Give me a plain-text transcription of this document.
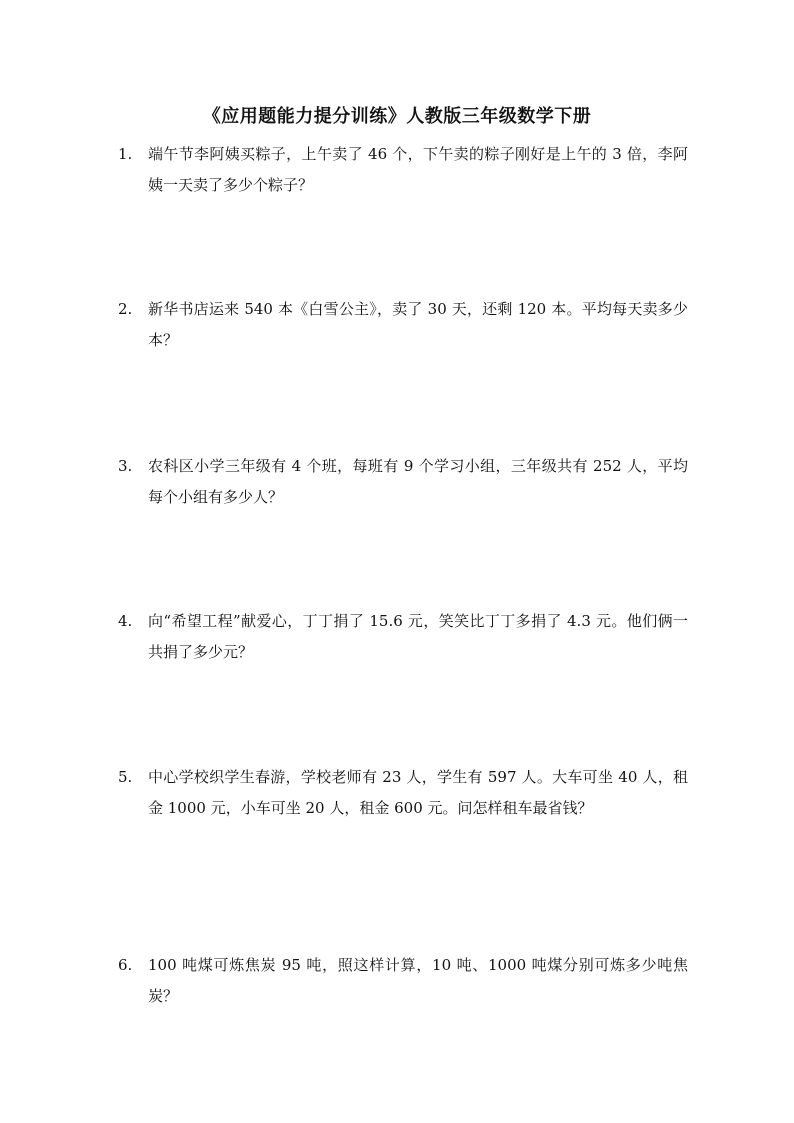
《应用题能力提分训练》人教版三年级数学下册
1.	端午节李阿姨买粽子，上午卖了 46 个，下午卖的粽子刚好是上午的 3 倍，李阿姨一天卖了多少个粽子？
2.	新华书店运来 540 本《白雪公主》，卖了 30 天，还剩 120 本。平均每天卖多少本？
3.	农科区小学三年级有 4 个班，每班有 9 个学习小组，三年级共有 252 人，平均每个小组有多少人？
4.	向“希望工程”献爱心，丁丁捐了 15.6 元，笑笑比丁丁多捐了 4.3 元。他们俩一共捐了多少元？
5.	中心学校织学生春游，学校老师有 23 人，学生有 597 人。大车可坐 40 人，租金 1000 元，小车可坐 20 人，租金 600 元。问怎样租车最省钱？
6.	100 吨煤可炼焦炭 95 吨，照这样计算，10 吨、1000 吨煤分别可炼多少吨焦炭？
